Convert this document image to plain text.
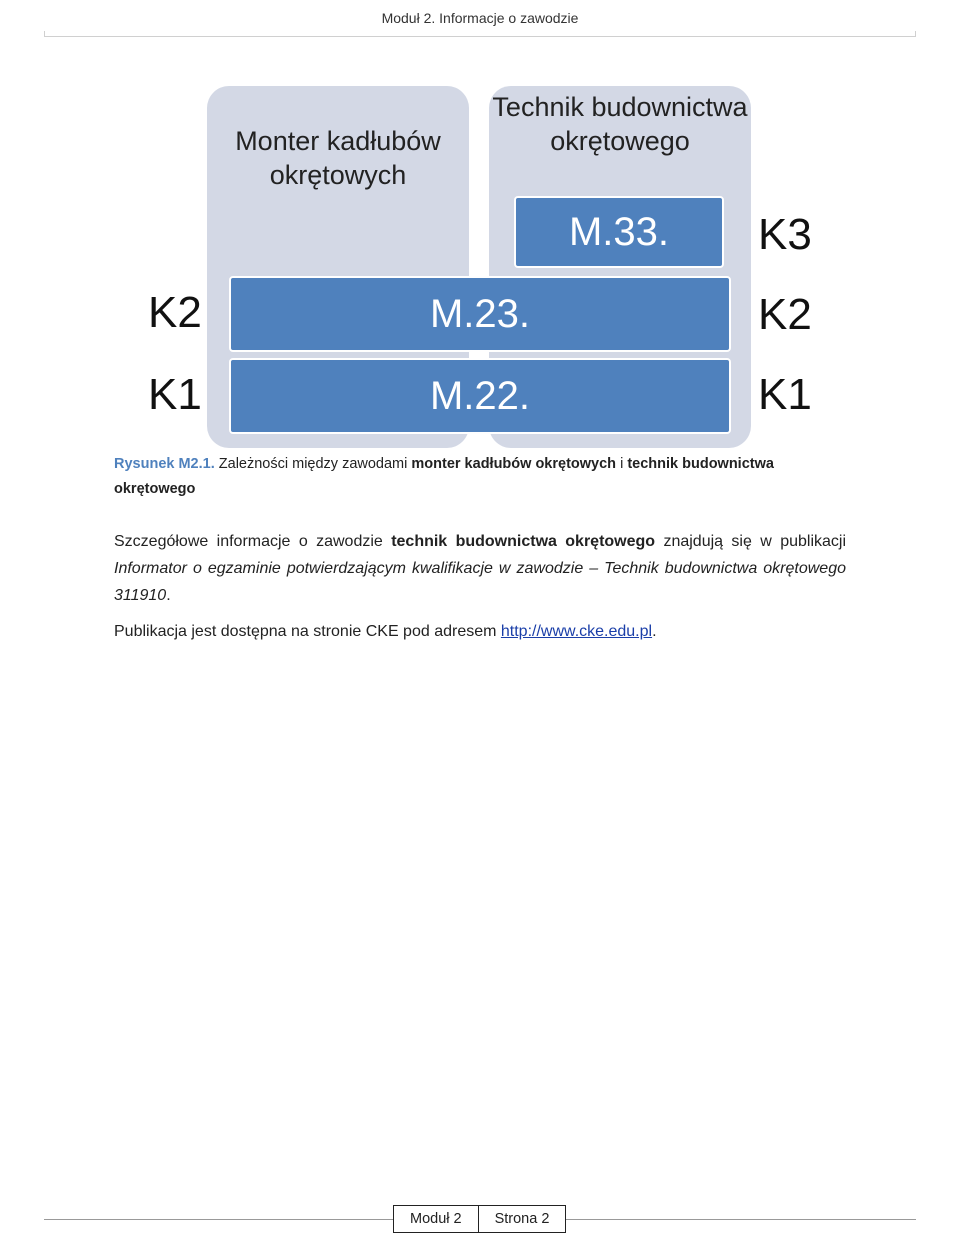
Moduł 2. Informacje o zawodzie
Monter kadłubów okrętowych
Technik budownictwa okrętowego
M.33.
M.23.
M.22.
K2
K1
K3
K2
K1
Rysunek M2.1. Zależności między zawodami monter kadłubów okrętowych i technik budownictwa okrętowego
Szczegółowe informacje o zawodzie technik budownictwa okrętowego znajdują się w publikacji Informator o egzaminie potwierdzającym kwalifikacje w zawodzie – Technik budownictwa okrętowego 311910.
Publikacja jest dostępna na stronie CKE pod adresem http://www.cke.edu.pl.
Moduł 2	Strona 2
